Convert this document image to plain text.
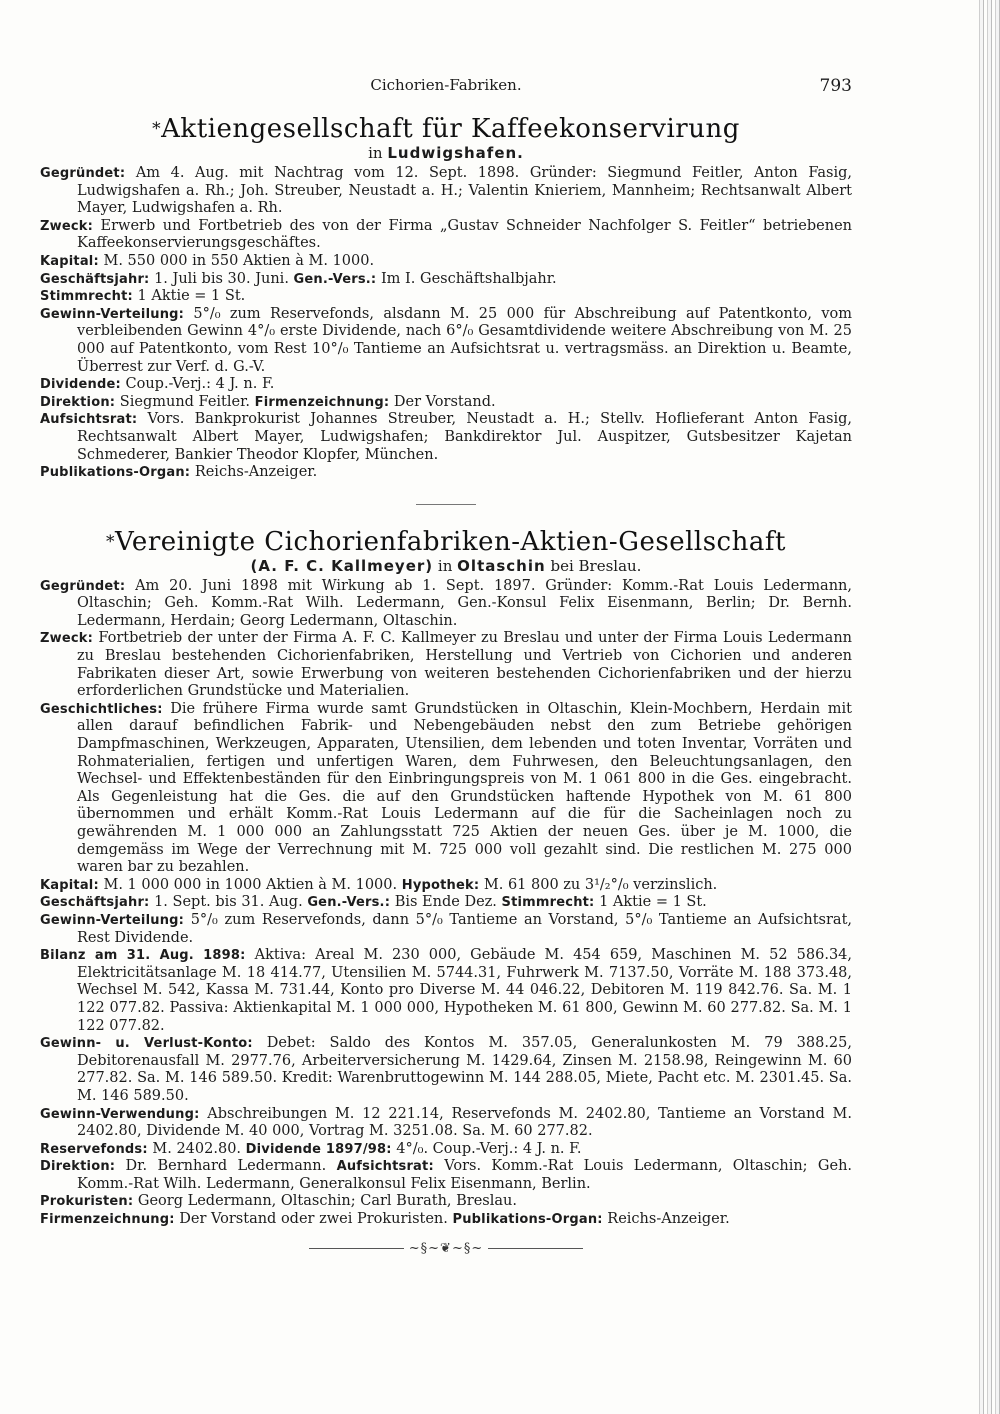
Cichorien-Fabriken.	793
*Aktiengesellschaft für Kaffeekonservirung
in Ludwigshafen.

Gegründet: Am 4. Aug. mit Nachtrag vom 12. Sept. 1898. Gründer: Siegmund Feitler, Anton Fasig, Ludwigshafen a. Rh.; Joh. Streuber, Neustadt a. H.; Valentin Knieriem, Mannheim; Rechtsanwalt Albert Mayer, Ludwigshafen a. Rh.

Zweck: Erwerb und Fortbetrieb des von der Firma „Gustav Schneider Nachfolger S. Feitler“ betriebenen Kaffeekonservierungsgeschäftes.

Kapital: M. 550 000 in 550 Aktien à M. 1000.

Geschäftsjahr: 1. Juli bis 30. Juni. Gen.-Vers.: Im I. Geschäftshalbjahr.

Stimmrecht: 1 Aktie = 1 St.

Gewinn-Verteilung: 5°/₀ zum Reservefonds, alsdann M. 25 000 für Abschreibung auf Patentkonto, vom verbleibenden Gewinn 4°/₀ erste Dividende, nach 6°/₀ Gesamtdividende weitere Abschreibung von M. 25 000 auf Patentkonto, vom Rest 10°/₀ Tantieme an Aufsichtsrat u. vertragsmäss. an Direktion u. Beamte, Überrest zur Verf. d. G.-V.

Dividende: Coup.-Verj.: 4 J. n. F.

Direktion: Siegmund Feitler. Firmenzeichnung: Der Vorstand.

Aufsichtsrat: Vors. Bankprokurist Johannes Streuber, Neustadt a. H.; Stellv. Hoflieferant Anton Fasig, Rechtsanwalt Albert Mayer, Ludwigshafen; Bankdirektor Jul. Auspitzer, Gutsbesitzer Kajetan Schmederer, Bankier Theodor Klopfer, München.

Publikations-Organ: Reichs-Anzeiger.

*Vereinigte Cichorienfabriken-Aktien-Gesellschaft
(A. F. C. Kallmeyer) in Oltaschin bei Breslau.

Gegründet: Am 20. Juni 1898 mit Wirkung ab 1. Sept. 1897. Gründer: Komm.-Rat Louis Ledermann, Oltaschin; Geh. Komm.-Rat Wilh. Ledermann, Gen.-Konsul Felix Eisenmann, Berlin; Dr. Bernh. Ledermann, Herdain; Georg Ledermann, Oltaschin.

Zweck: Fortbetrieb der unter der Firma A. F. C. Kallmeyer zu Breslau und unter der Firma Louis Ledermann zu Breslau bestehenden Cichorienfabriken, Herstellung und Vertrieb von Cichorien und anderen Fabrikaten dieser Art, sowie Erwerbung von weiteren bestehenden Cichorienfabriken und der hierzu erforderlichen Grundstücke und Materialien.

Geschichtliches: Die frühere Firma wurde samt Grundstücken in Oltaschin, Klein-Mochbern, Herdain mit allen darauf befindlichen Fabrik- und Nebengebäuden nebst den zum Betriebe gehörigen Dampfmaschinen, Werkzeugen, Apparaten, Utensilien, dem lebenden und toten Inventar, Vorräten und Rohmaterialien, fertigen und unfertigen Waren, dem Fuhrwesen, den Beleuchtungsanlagen, den Wechsel- und Effektenbeständen für den Einbringungspreis von M. 1 061 800 in die Ges. eingebracht. Als Gegenleistung hat die Ges. die auf den Grundstücken haftende Hypothek von M. 61 800 übernommen und erhält Komm.-Rat Louis Ledermann auf die für die Sacheinlagen noch zu gewährenden M. 1 000 000 an Zahlungsstatt 725 Aktien der neuen Ges. über je M. 1000, die demgemäss im Wege der Verrechnung mit M. 725 000 voll gezahlt sind. Die restlichen M. 275 000 waren bar zu bezahlen.

Kapital: M. 1 000 000 in 1000 Aktien à M. 1000. Hypothek: M. 61 800 zu 3¹/₂°/₀ verzinslich.

Geschäftsjahr: 1. Sept. bis 31. Aug. Gen.-Vers.: Bis Ende Dez. Stimmrecht: 1 Aktie = 1 St.

Gewinn-Verteilung: 5°/₀ zum Reservefonds, dann 5°/₀ Tantieme an Vorstand, 5°/₀ Tantieme an Aufsichtsrat, Rest Dividende.

Bilanz am 31. Aug. 1898: Aktiva: Areal M. 230 000, Gebäude M. 454 659, Maschinen M. 52 586.34, Elektricitätsanlage M. 18 414.77, Utensilien M. 5744.31, Fuhrwerk M. 7137.50, Vorräte M. 188 373.48, Wechsel M. 542, Kassa M. 731.44, Konto pro Diverse M. 44 046.22, Debitoren M. 119 842.76. Sa. M. 1 122 077.82. Passiva: Aktienkapital M. 1 000 000, Hypotheken M. 61 800, Gewinn M. 60 277.82. Sa. M. 1 122 077.82.

Gewinn- u. Verlust-Konto: Debet: Saldo des Kontos M. 357.05, Generalunkosten M. 79 388.25, Debitorenausfall M. 2977.76, Arbeiterversicherung M. 1429.64, Zinsen M. 2158.98, Reingewinn M. 60 277.82. Sa. M. 146 589.50. Kredit: Warenbruttogewinn M. 144 288.05, Miete, Pacht etc. M. 2301.45. Sa. M. 146 589.50.

Gewinn-Verwendung: Abschreibungen M. 12 221.14, Reservefonds M. 2402.80, Tantieme an Vorstand M. 2402.80, Dividende M. 40 000, Vortrag M. 3251.08. Sa. M. 60 277.82.

Reservefonds: M. 2402.80. Dividende 1897/98: 4°/₀. Coup.-Verj.: 4 J. n. F.

Direktion: Dr. Bernhard Ledermann. Aufsichtsrat: Vors. Komm.-Rat Louis Ledermann, Oltaschin; Geh. Komm.-Rat Wilh. Ledermann, Generalkonsul Felix Eisenmann, Berlin.

Prokuristen: Georg Ledermann, Oltaschin; Carl Burath, Breslau.

Firmenzeichnung: Der Vorstand oder zwei Prokuristen. Publikations-Organ: Reichs-Anzeiger.

~§~❦~§~
